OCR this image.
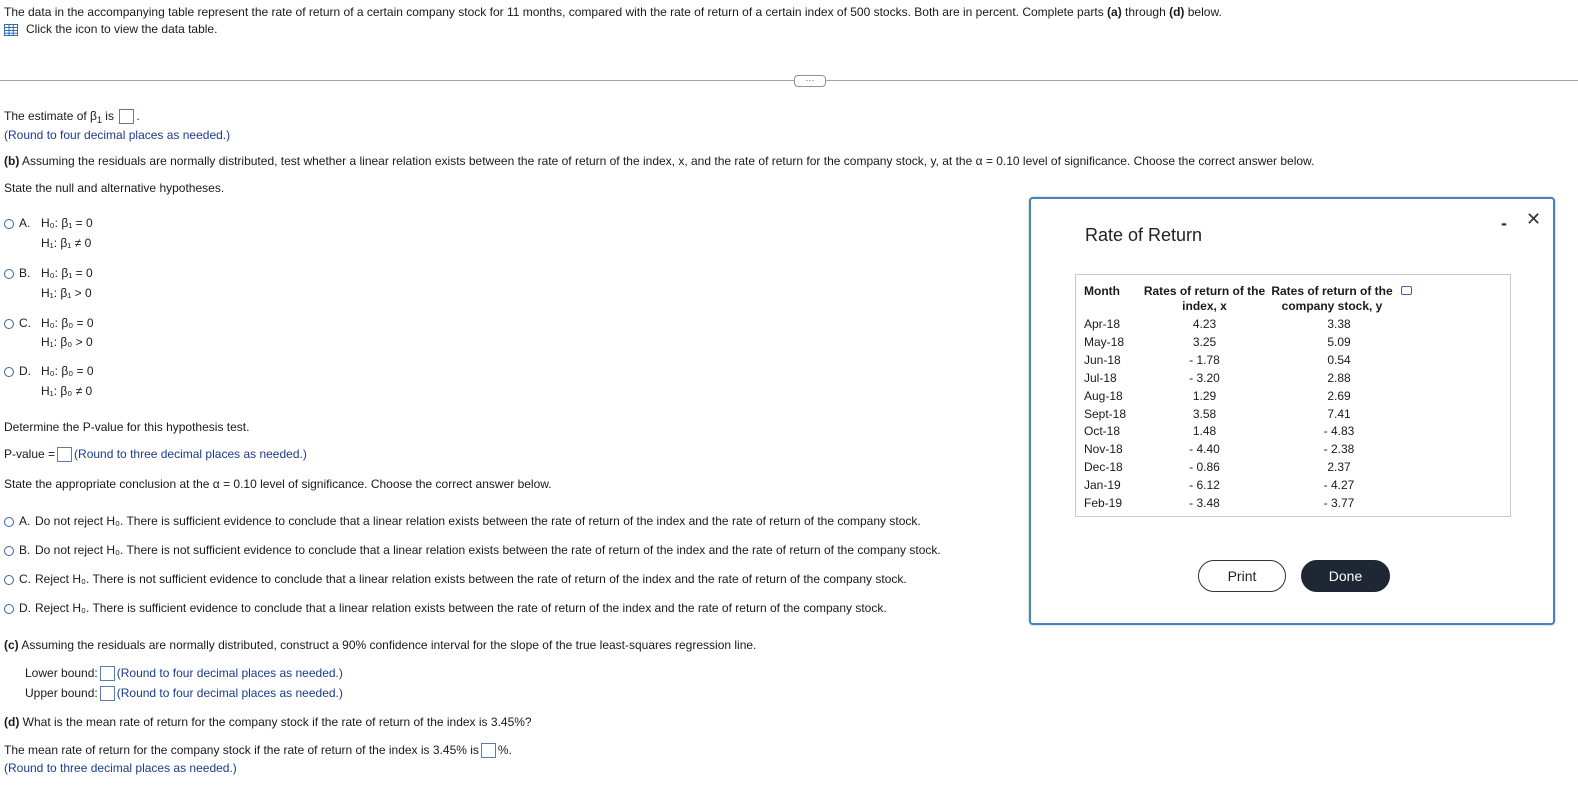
The data in the accompanying table represent the rate of return of a certain company stock for 11 months, compared with the rate of return of a certain index of 500 stocks. Both are in percent. Complete parts (a) through (d) below.
Click the icon to view the data table.
···
The estimate of $\beta_1$ is .
(Round to four decimal places as needed.)
(b) Assuming the residuals are normally distributed, test whether a linear relation exists between the rate of return of the index, x, and the rate of return for the company stock, y, at the α = 0.10 level of significance. Choose the correct answer below.
State the null and alternative hypotheses.
A. H₀: β₁ = 0
H₁: β₁ ≠ 0
B. H₀: β₁ = 0
H₁: β₁ > 0
C. H₀: β₀ = 0
H₁: β₀ > 0
D. H₀: β₀ = 0
H₁: β₀ ≠ 0
Determine the P-value for this hypothesis test.
P-value = (Round to three decimal places as needed.)
State the appropriate conclusion at the α = 0.10 level of significance. Choose the correct answer below.
A. Do not reject H₀. There is sufficient evidence to conclude that a linear relation exists between the rate of return of the index and the rate of return of the company stock.
B. Do not reject H₀. There is not sufficient evidence to conclude that a linear relation exists between the rate of return of the index and the rate of return of the company stock.
C. Reject H₀. There is not sufficient evidence to conclude that a linear relation exists between the rate of return of the index and the rate of return of the company stock.
D. Reject H₀. There is sufficient evidence to conclude that a linear relation exists between the rate of return of the index and the rate of return of the company stock.
(c) Assuming the residuals are normally distributed, construct a 90% confidence interval for the slope of the true least-squares regression line.
Lower bound: (Round to four decimal places as needed.)
Upper bound: (Round to four decimal places as needed.)
(d) What is the mean rate of return for the company stock if the rate of return of the index is 3.45%?
The mean rate of return for the company stock if the rate of return of the index is 3.45% is %.
(Round to three decimal places as needed.)
Rate of Return
- ✕
Month Rates of return of the
index, x
Rates of return of the
company stock, y
Apr-18	4.23	3.38
May-18	3.25	5.09
Jun-18	- 1.78	0.54
Jul-18	- 3.20	2.88
Aug-18	1.29	2.69
Sept-18	3.58	7.41
Oct-18	1.48	- 4.83
Nov-18	- 4.40	- 2.38
Dec-18	- 0.86	2.37
Jan-19	- 6.12	- 4.27
Feb-19	- 3.48	- 3.77
Print	Done
